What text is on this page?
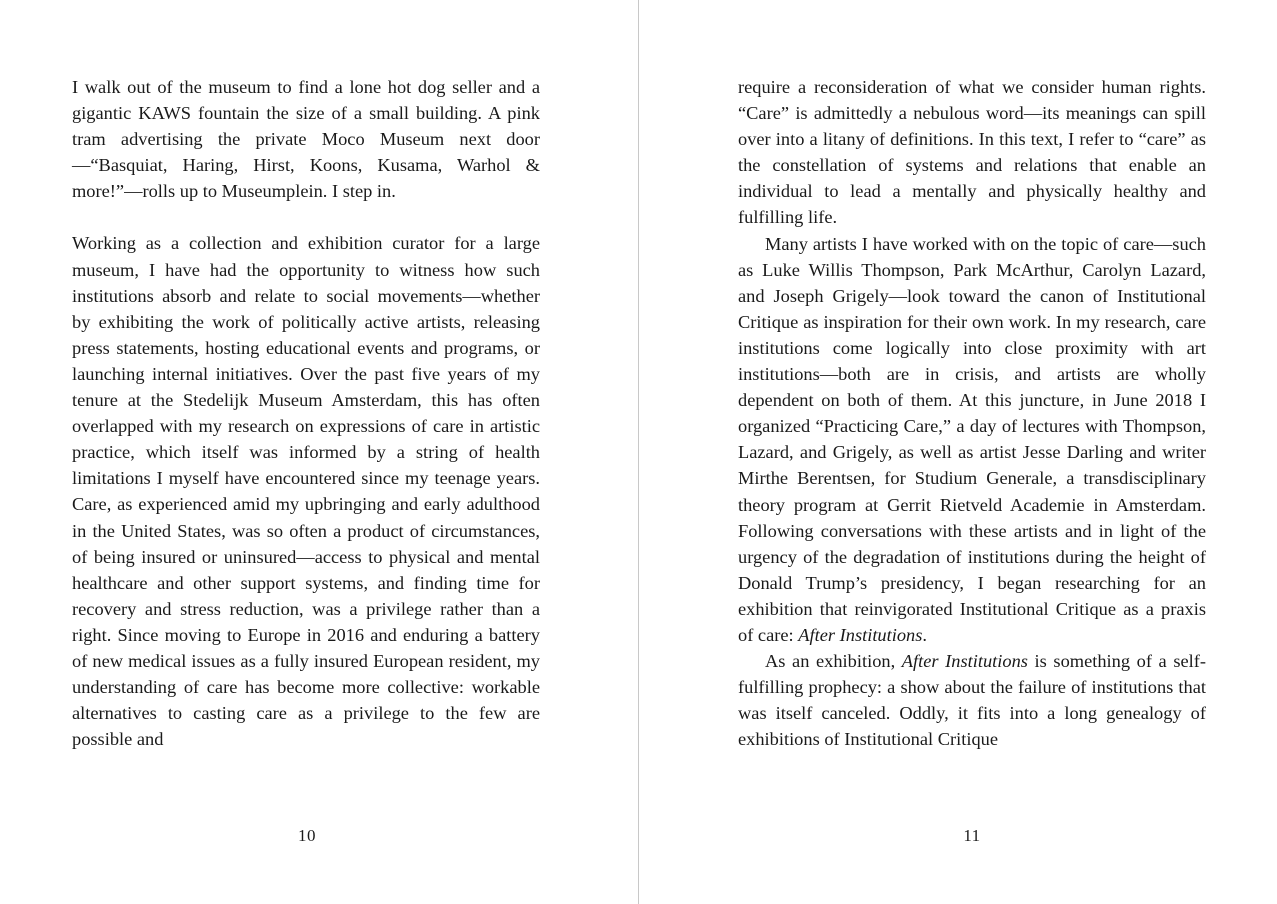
I walk out of the museum to find a lone hot dog seller and a gigantic KAWS fountain the size of a small building. A pink tram advertising the private Moco Museum next door—“Basquiat, Haring, Hirst, Koons, Kusama, Warhol & more!”—rolls up to Museumplein. I step in.

Working as a collection and exhibition curator for a large museum, I have had the opportunity to witness how such institutions absorb and relate to social movements—whether by exhibiting the work of politically active artists, releasing press statements, hosting educational events and programs, or launching internal initiatives. Over the past five years of my tenure at the Stedelijk Museum Amsterdam, this has often overlapped with my research on expressions of care in artistic practice, which itself was informed by a string of health limitations I myself have encountered since my teenage years. Care, as experienced amid my upbringing and early adulthood in the United States, was so often a product of circumstances, of being insured or uninsured—access to physical and mental healthcare and other support systems, and finding time for recovery and stress reduction, was a privilege rather than a right. Since moving to Europe in 2016 and enduring a battery of new medical issues as a fully insured European resident, my understanding of care has become more collective: workable alternatives to casting care as a privilege to the few are possible and

10

require a reconsideration of what we consider human rights. “Care” is admittedly a nebulous word—its meanings can spill over into a litany of definitions. In this text, I refer to “care” as the constellation of systems and relations that enable an individual to lead a mentally and physically healthy and fulfilling life.

Many artists I have worked with on the topic of care—such as Luke Willis Thompson, Park McArthur, Carolyn Lazard, and Joseph Grigely—look toward the canon of Institutional Critique as inspiration for their own work. In my research, care institutions come logically into close proximity with art institutions—both are in crisis, and artists are wholly dependent on both of them. At this juncture, in June 2018 I organized “Practicing Care,” a day of lectures with Thompson, Lazard, and Grigely, as well as artist Jesse Darling and writer Mirthe Berentsen, for Studium Generale, a transdisciplinary theory program at Gerrit Rietveld Academie in Amsterdam. Following conversations with these artists and in light of the urgency of the degradation of institutions during the height of Donald Trump’s presidency, I began researching for an exhibition that reinvigorated Institutional Critique as a praxis of care: After Institutions.

As an exhibition, After Institutions is something of a self-fulfilling prophecy: a show about the failure of institutions that was itself canceled. Oddly, it fits into a long genealogy of exhibitions of Institutional Critique

11
